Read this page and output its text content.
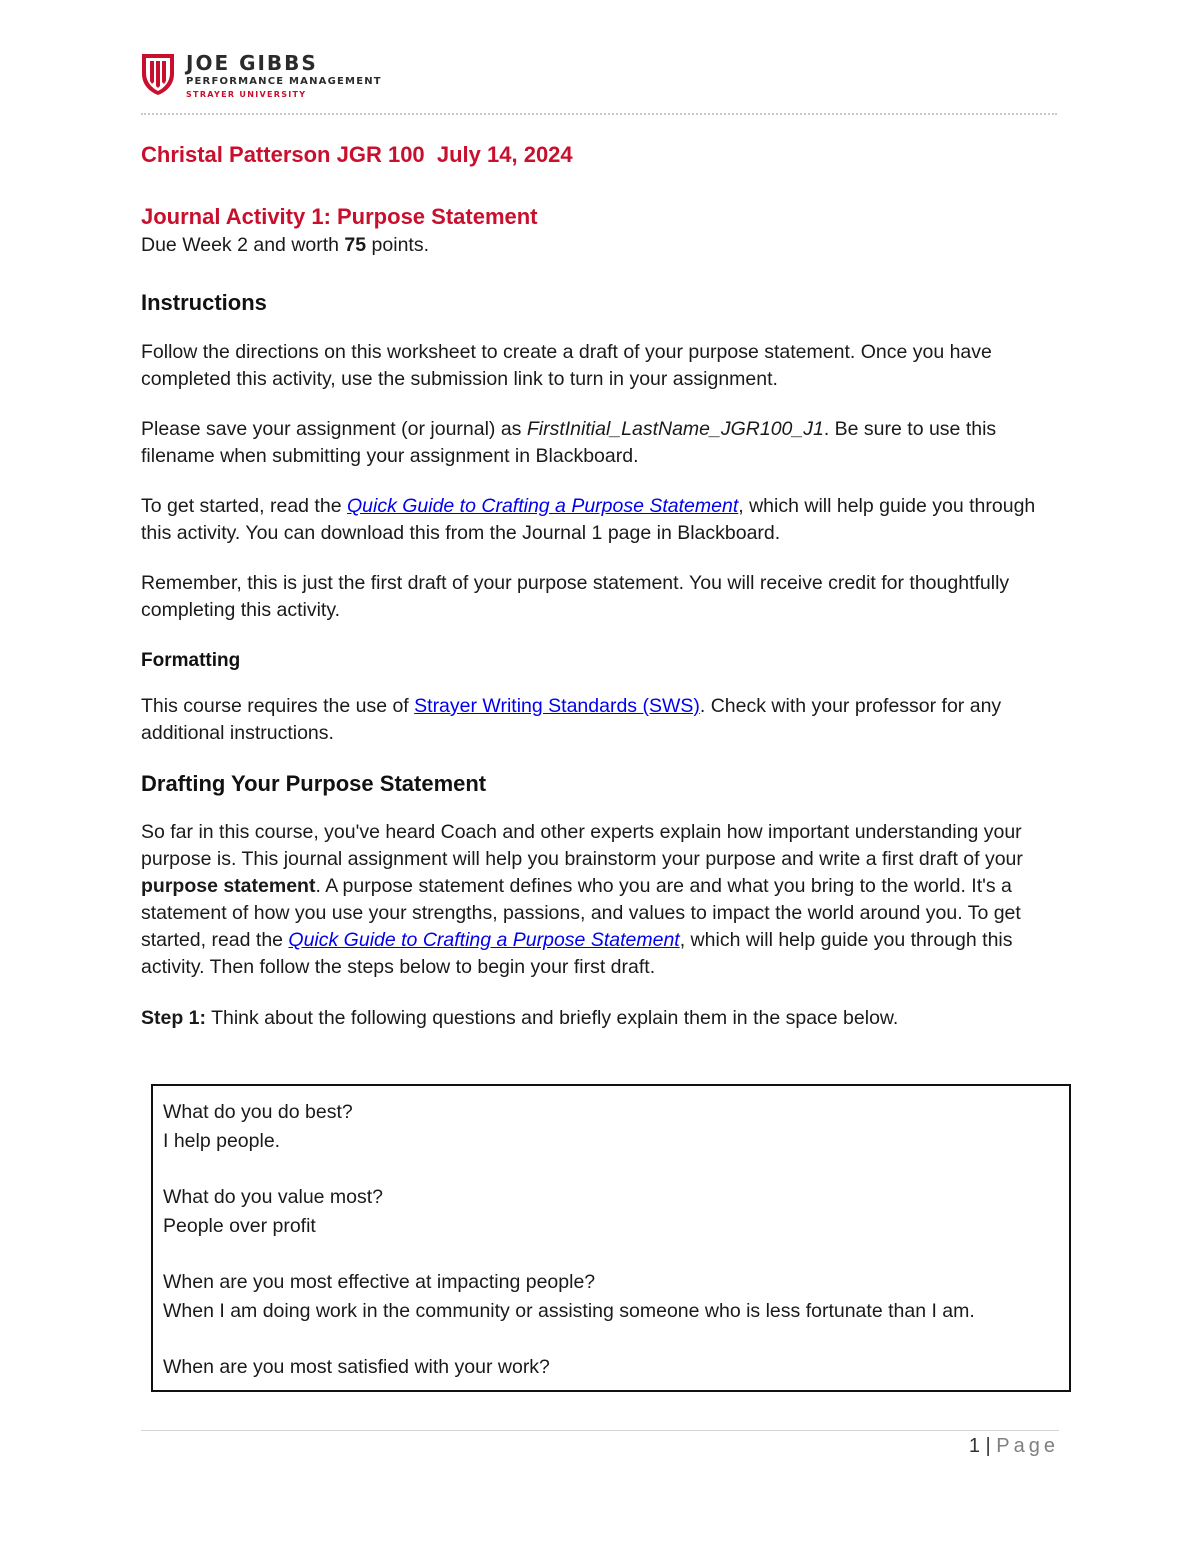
JOE GIBBS
PERFORMANCE MANAGEMENT
STRAYER UNIVERSITY

Christal Patterson JGR 100  July 14, 2024

Journal Activity 1: Purpose Statement

Due Week 2 and worth 75 points.

Instructions

Follow the directions on this worksheet to create a draft of your purpose statement. Once you have completed this activity, use the submission link to turn in your assignment.

Please save your assignment (or journal) as FirstInitial_LastName_JGR100_J1. Be sure to use this filename when submitting your assignment in Blackboard.

To get started, read the Quick Guide to Crafting a Purpose Statement, which will help guide you through this activity. You can download this from the Journal 1 page in Blackboard.

Remember, this is just the first draft of your purpose statement. You will receive credit for thoughtfully completing this activity.

Formatting

This course requires the use of Strayer Writing Standards (SWS). Check with your professor for any additional instructions.

Drafting Your Purpose Statement

So far in this course, you've heard Coach and other experts explain how important understanding your purpose is. This journal assignment will help you brainstorm your purpose and write a first draft of your purpose statement. A purpose statement defines who you are and what you bring to the world. It's a statement of how you use your strengths, passions, and values to impact the world around you. To get started, read the Quick Guide to Crafting a Purpose Statement, which will help guide you through this activity. Then follow the steps below to begin your first draft.

Step 1: Think about the following questions and briefly explain them in the space below.

What do you do best?

I help people.

What do you value most?

People over profit

When are you most effective at impacting people?

When I am doing work in the community or assisting someone who is less fortunate than I am.

When are you most satisfied with your work?

1 | Page
